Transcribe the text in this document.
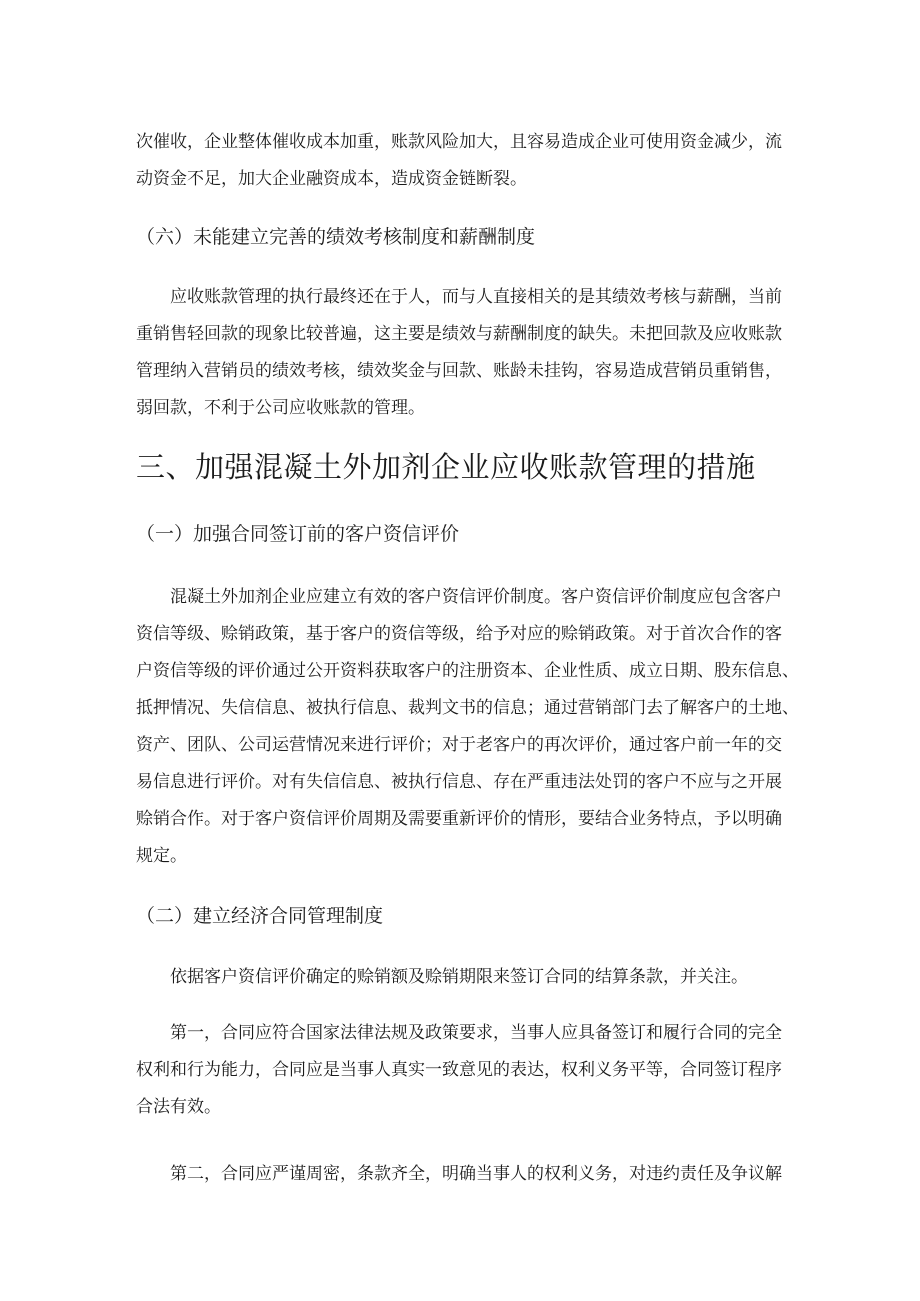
次催收，企业整体催收成本加重，账款风险加大，且容易造成企业可使用资金减少，流
动资金不足，加大企业融资成本，造成资金链断裂。
（六）未能建立完善的绩效考核制度和薪酬制度
应收账款管理的执行最终还在于人，而与人直接相关的是其绩效考核与薪酬，当前
重销售轻回款的现象比较普遍，这主要是绩效与薪酬制度的缺失。未把回款及应收账款
管理纳入营销员的绩效考核，绩效奖金与回款、账龄未挂钩，容易造成营销员重销售，
弱回款，不利于公司应收账款的管理。
三、加强混凝土外加剂企业应收账款管理的措施
（一）加强合同签订前的客户资信评价
混凝土外加剂企业应建立有效的客户资信评价制度。客户资信评价制度应包含客户
资信等级、赊销政策，基于客户的资信等级，给予对应的赊销政策。对于首次合作的客
户资信等级的评价通过公开资料获取客户的注册资本、企业性质、成立日期、股东信息、
抵押情况、失信信息、被执行信息、裁判文书的信息；通过营销部门去了解客户的土地、
资产、团队、公司运营情况来进行评价；对于老客户的再次评价，通过客户前一年的交
易信息进行评价。对有失信信息、被执行信息、存在严重违法处罚的客户不应与之开展
赊销合作。对于客户资信评价周期及需要重新评价的情形，要结合业务特点，予以明确
规定。
（二）建立经济合同管理制度
依据客户资信评价确定的赊销额及赊销期限来签订合同的结算条款，并关注。
第一，合同应符合国家法律法规及政策要求，当事人应具备签订和履行合同的完全
权利和行为能力，合同应是当事人真实一致意见的表达，权利义务平等，合同签订程序
合法有效。
第二，合同应严谨周密，条款齐全，明确当事人的权利义务，对违约责任及争议解
